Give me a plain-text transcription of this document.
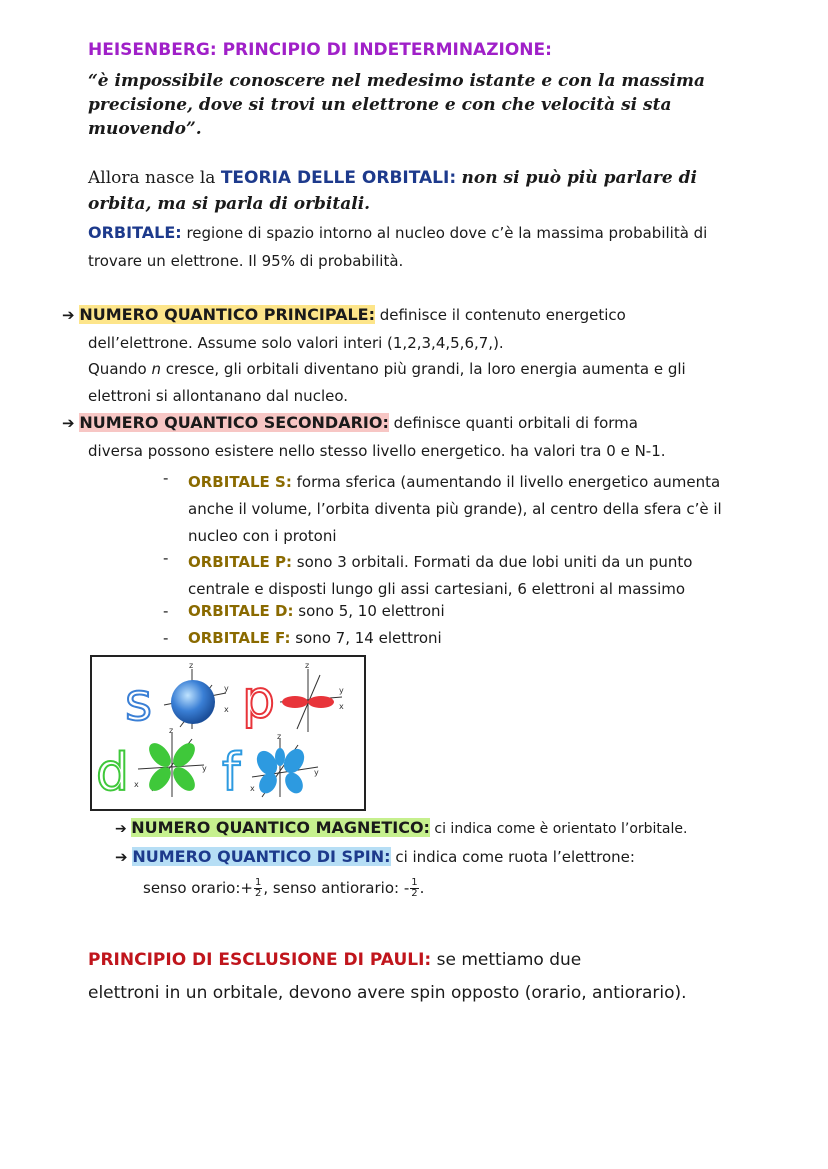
HEISENBERG: PRINCIPIO DI INDETERMINAZIONE:
“è impossibile conoscere nel medesimo istante e con la massima
precisione, dove si trovi un elettrone e con che velocità si sta
muovendo”.
Allora nasce la TEORIA DELLE ORBITALI: non si può più parlare di
orbita, ma si parla di orbitali.
ORBITALE: regione di spazio intorno al nucleo dove c’è la massima probabilità di
trovare un elettrone. Il 95% di probabilità.
➔ NUMERO QUANTICO PRINCIPALE: definisce il contenuto energetico
dell’elettrone. Assume solo valori interi (1,2,3,4,5,6,7,).
Quando n cresce, gli orbitali diventano più grandi, la loro energia aumenta e gli
elettroni si allontanano dal nucleo.
➔ NUMERO QUANTICO SECONDARIO: definisce quanti orbitali di forma
diversa possono esistere nello stesso livello energetico. ha valori tra 0 e N-1.
- ORBITALE S: forma sferica (aumentando il livello energetico aumenta
anche il volume, l’orbita diventa più grande), al centro della sfera c’è il
nucleo con i protoni
- ORBITALE P: sono 3 orbitali. Formati da due lobi uniti da un punto
centrale e disposti lungo gli assi cartesiani, 6 elettroni al massimo
- ORBITALE D: sono 5, 10 elettroni
- ORBITALE F: sono 7, 14 elettroni
s
z
y
x p
z
y
x
d
z
y
x f
z
y
x
➔ NUMERO QUANTICO MAGNETICO: ci indica come è orientato l’orbitale.
➔ NUMERO QUANTICO DI SPIN: ci indica come ruota l’elettrone:
senso orario:+ $\frac{1}{2}$ , senso antiorario: - $\frac{1}{2}$ .
PRINCIPIO DI ESCLUSIONE DI PAULI: se mettiamo due
elettroni in un orbitale, devono avere spin opposto (orario, antiorario).
